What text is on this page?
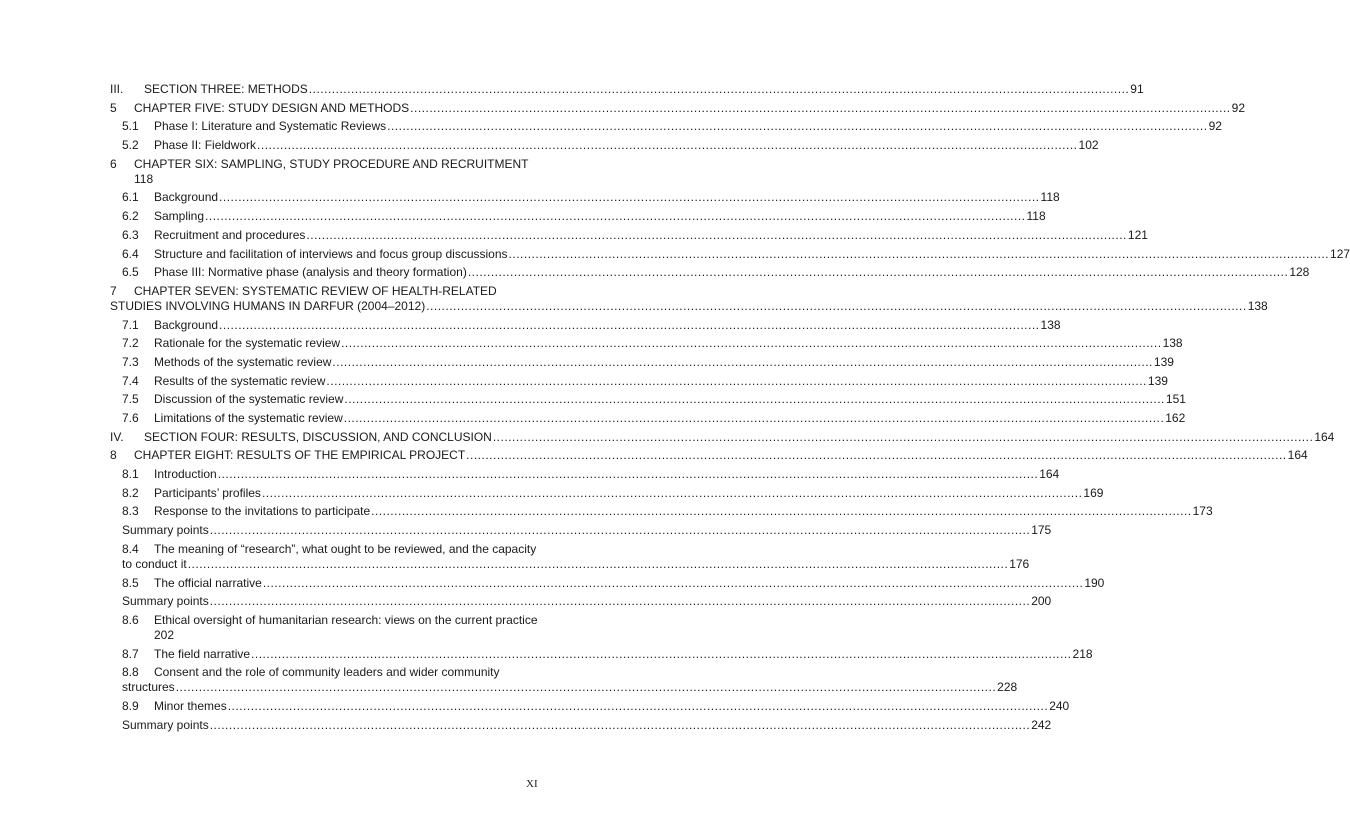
III.	SECTION THREE: METHODS .....	91
5	CHAPTER FIVE: STUDY DESIGN AND METHODS .....	92
5.1	Phase I: Literature and Systematic Reviews .....	92
5.2	Phase II: Fieldwork .....	102
6	CHAPTER SIX: SAMPLING, STUDY PROCEDURE AND RECRUITMENT
118
6.1	Background .....	118
6.2	Sampling .....	118
6.3	Recruitment and procedures .....	121
6.4	Structure and facilitation of interviews and focus group discussions .....	127
6.5	Phase III: Normative phase (analysis and theory formation) .....	128
7	CHAPTER SEVEN: SYSTEMATIC REVIEW OF HEALTH-RELATED
STUDIES INVOLVING HUMANS IN DARFUR (2004–2012) .....	138
7.1	Background .....	138
7.2	Rationale for the systematic review .....	138
7.3	Methods of the systematic review .....	139
7.4	Results of the systematic review .....	139
7.5	Discussion of the systematic review .....	151
7.6	Limitations of the systematic review .....	162
IV.	SECTION FOUR: RESULTS, DISCUSSION, AND CONCLUSION .....	164
8	CHAPTER EIGHT: RESULTS OF THE EMPIRICAL PROJECT .....	164
8.1	Introduction .....	164
8.2	Participants’ profiles .....	169
8.3	Response to the invitations to participate .....	173
Summary points .....	175
8.4	The meaning of “research”, what ought to be reviewed, and the capacity
to conduct it .....	176
8.5	The official narrative .....	190
Summary points .....	200
8.6	Ethical oversight of humanitarian research: views on the current practice
202
8.7	The field narrative .....	218
8.8	Consent and the role of community leaders and wider community
structures .....	228
8.9	Minor themes .....	240
Summary points .....	242
XI
